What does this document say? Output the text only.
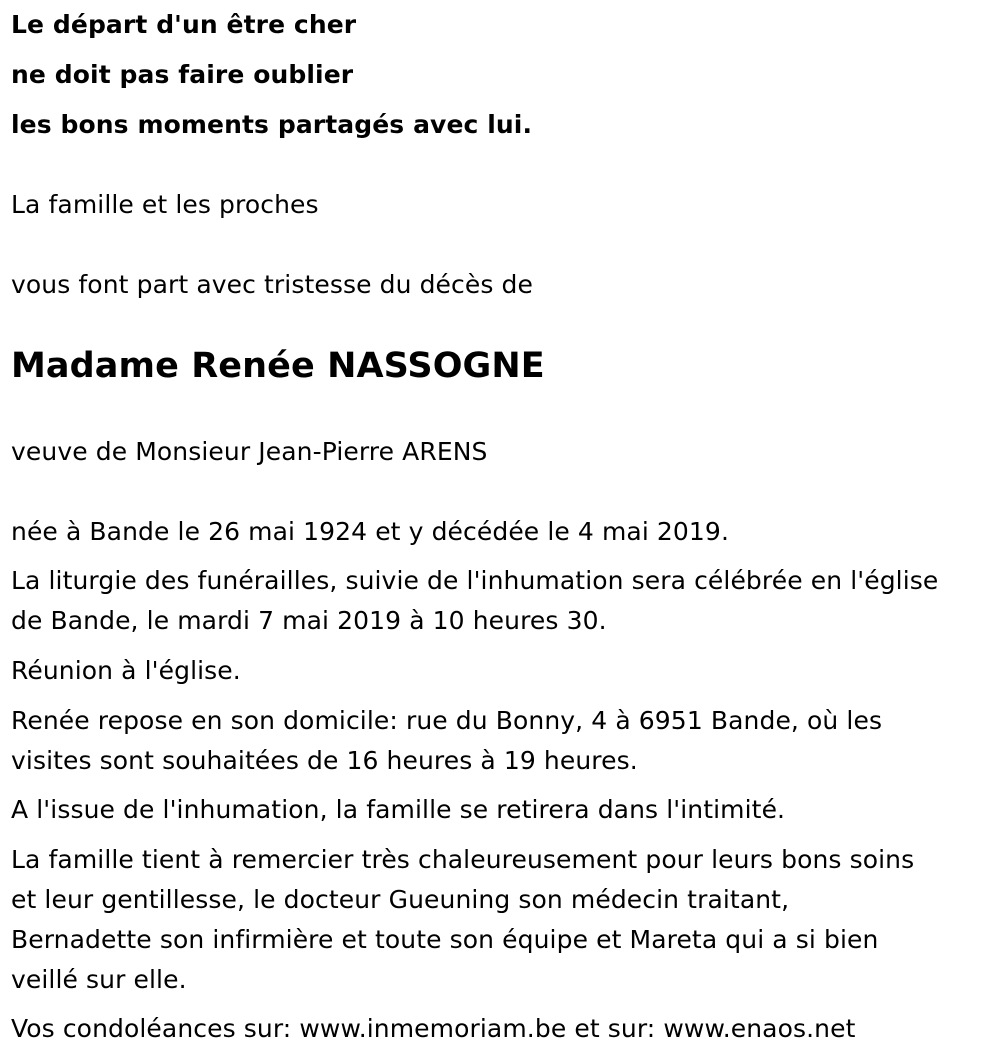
Le départ d'un être cher
ne doit pas faire oublier
les bons moments partagés avec lui.
La famille et les proches
vous font part avec tristesse du décès de
Madame Renée NASSOGNE
veuve de Monsieur Jean-Pierre ARENS
née à Bande le 26 mai 1924 et y décédée le 4 mai 2019.
La liturgie des funérailles, suivie de l'inhumation sera célébrée en l'église
de Bande, le mardi 7 mai 2019 à 10 heures 30.
Réunion à l'église.
Renée repose en son domicile: rue du Bonny, 4 à 6951 Bande, où les
visites sont souhaitées de 16 heures à 19 heures.
A l'issue de l'inhumation, la famille se retirera dans l'intimité.
La famille tient à remercier très chaleureusement pour leurs bons soins
et leur gentillesse, le docteur Gueuning son médecin traitant,
Bernadette son infirmière et toute son équipe et Mareta qui a si bien
veillé sur elle.
Vos condoléances sur: www.inmemoriam.be et sur: www.enaos.net
